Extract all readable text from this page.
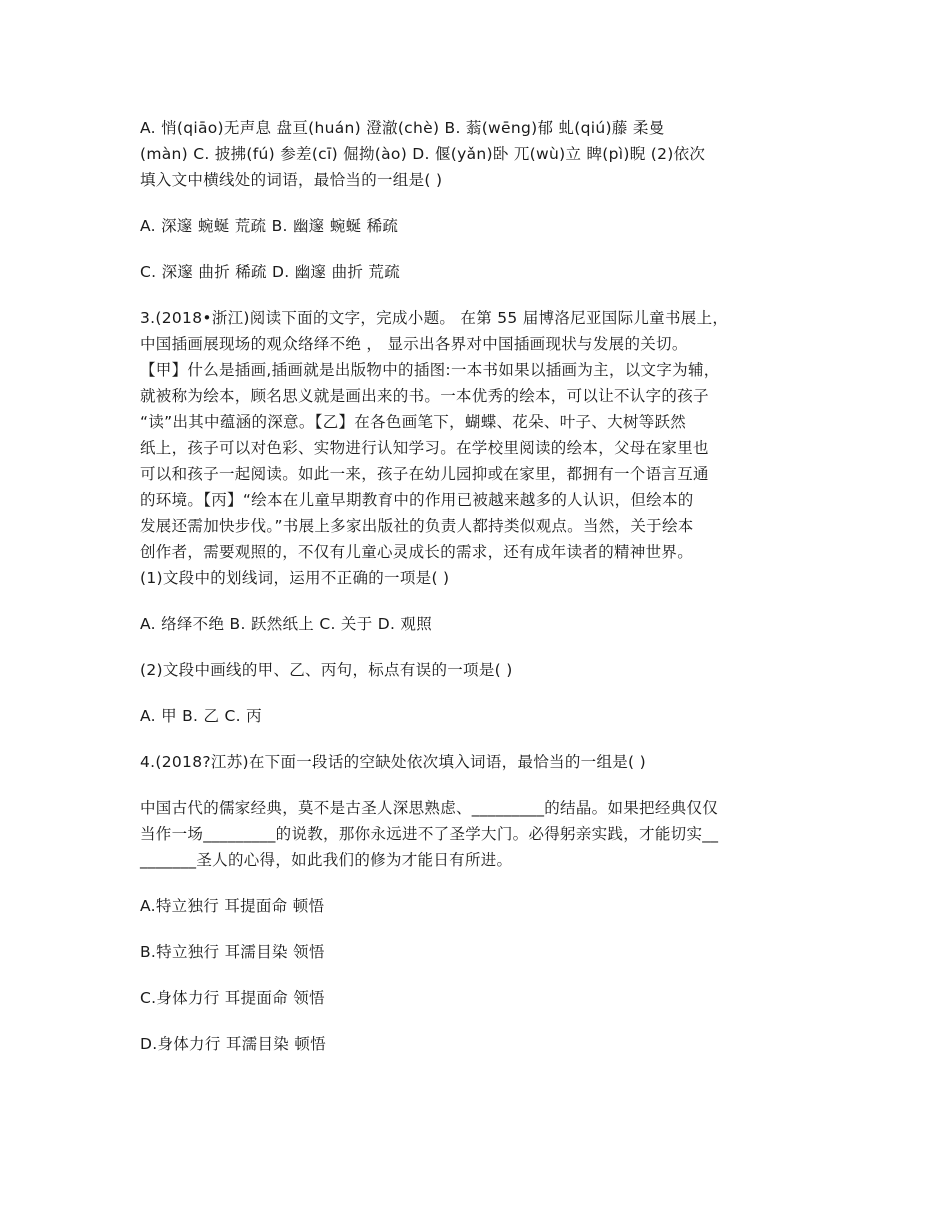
A. 悄(qiāo)无声息 盘亘(huán) 澄澈(chè) B. 蓊(wēng)郁 虬(qiú)藤 柔曼
(màn) C. 披拂(fú) 参差(cī) 倔拗(ào) D. 偃(yǎn)卧 兀(wù)立 睥(pì)睨 (2)依次
填入文中横线处的词语，最恰当的一组是( )
A. 深邃 蜿蜒 荒疏 B. 幽邃 蜿蜒 稀疏
C. 深邃 曲折 稀疏 D. 幽邃 曲折 荒疏
3.(2018•浙江)阅读下面的文字，完成小题。 在第 55 届博洛尼亚国际儿童书展上，
中国插画展现场的观众络绎不绝 ， 显示出各界对中国插画现状与发展的关切。
【甲】什么是插画,插画就是出版物中的插图:一本书如果以插画为主，以文字为辅，
就被称为绘本，顾名思义就是画出来的书。一本优秀的绘本，可以让不认字的孩子
“读”出其中蕴涵的深意。【乙】在各色画笔下，蝴蝶、花朵、叶子、大树等跃然
纸上，孩子可以对色彩、实物进行认知学习。在学校里阅读的绘本，父母在家里也
可以和孩子一起阅读。如此一来，孩子在幼儿园抑或在家里，都拥有一个语言互通
的环境。【丙】“绘本在儿童早期教育中的作用已被越来越多的人认识，但绘本的
发展还需加快步伐。”书展上多家出版社的负责人都持类似观点。当然，关于绘本
创作者，需要观照的，不仅有儿童心灵成长的需求，还有成年读者的精神世界。
(1)文段中的划线词，运用不正确的一项是( )
A. 络绎不绝 B. 跃然纸上 C. 关于 D. 观照
(2)文段中画线的甲、乙、丙句，标点有误的一项是( )
A. 甲 B. 乙 C. 丙
4.(2018?江苏)在下面一段话的空缺处依次填入词语，最恰当的一组是( )
中国古代的儒家经典，莫不是古圣人深思熟虑、_________的结晶。如果把经典仅仅
当作一场_________的说教，那你永远进不了圣学大门。必得躬亲实践，才能切实__
_______圣人的心得，如此我们的修为才能日有所进。
A.特立独行 耳提面命 顿悟
B.特立独行 耳濡目染 领悟
C.身体力行 耳提面命 领悟
D.身体力行 耳濡目染 顿悟
